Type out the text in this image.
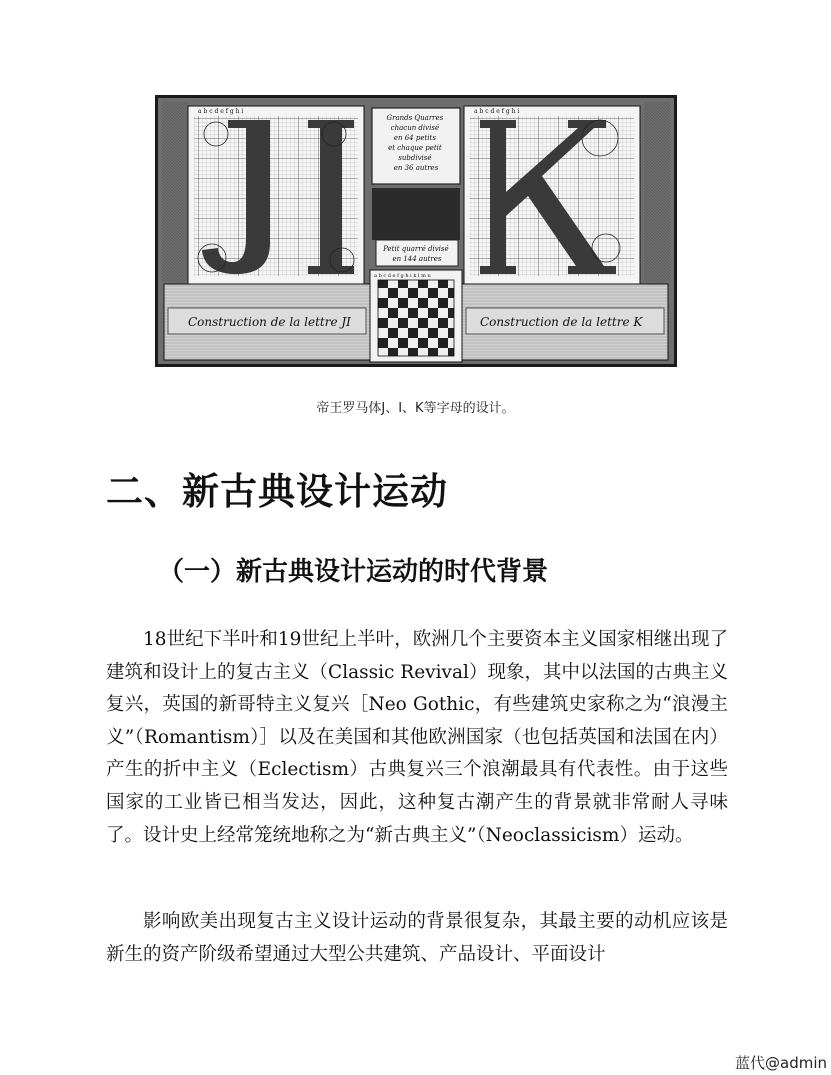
a b c d e f g h i
Grands Quarres chacun divisé en 64 petits et chaque petit subdivisé en 36 autres
Petit quarré divisé en 144 autres
a b c d e f g h i
Construction de la lettre JI	Construction de la lettre K
a b c d e f g h i k l m n
帝王罗马体J、I、K等字母的设计。
二、新古典设计运动
（一）新古典设计运动的时代背景

18世纪下半叶和19世纪上半叶，欧洲几个主要资本主义国家相继出现了建筑和设计上的复古主义（Classic Revival）现象，其中以法国的古典主义复兴，英国的新哥特主义复兴［Neo Gothic，有些建筑史家称之为“浪漫主义”（Romantism）］以及在美国和其他欧洲国家（也包括英国和法国在内）产生的折中主义（Eclectism）古典复兴三个浪潮最具有代表性。由于这些国家的工业皆已相当发达，因此，这种复古潮产生的背景就非常耐人寻味了。设计史上经常笼统地称之为“新古典主义”（Neoclassicism）运动。

影响欧美出现复古主义设计运动的背景很复杂，其最主要的动机应该是新生的资产阶级希望通过大型公共建筑、产品设计、平面设计

蓝代@admin
